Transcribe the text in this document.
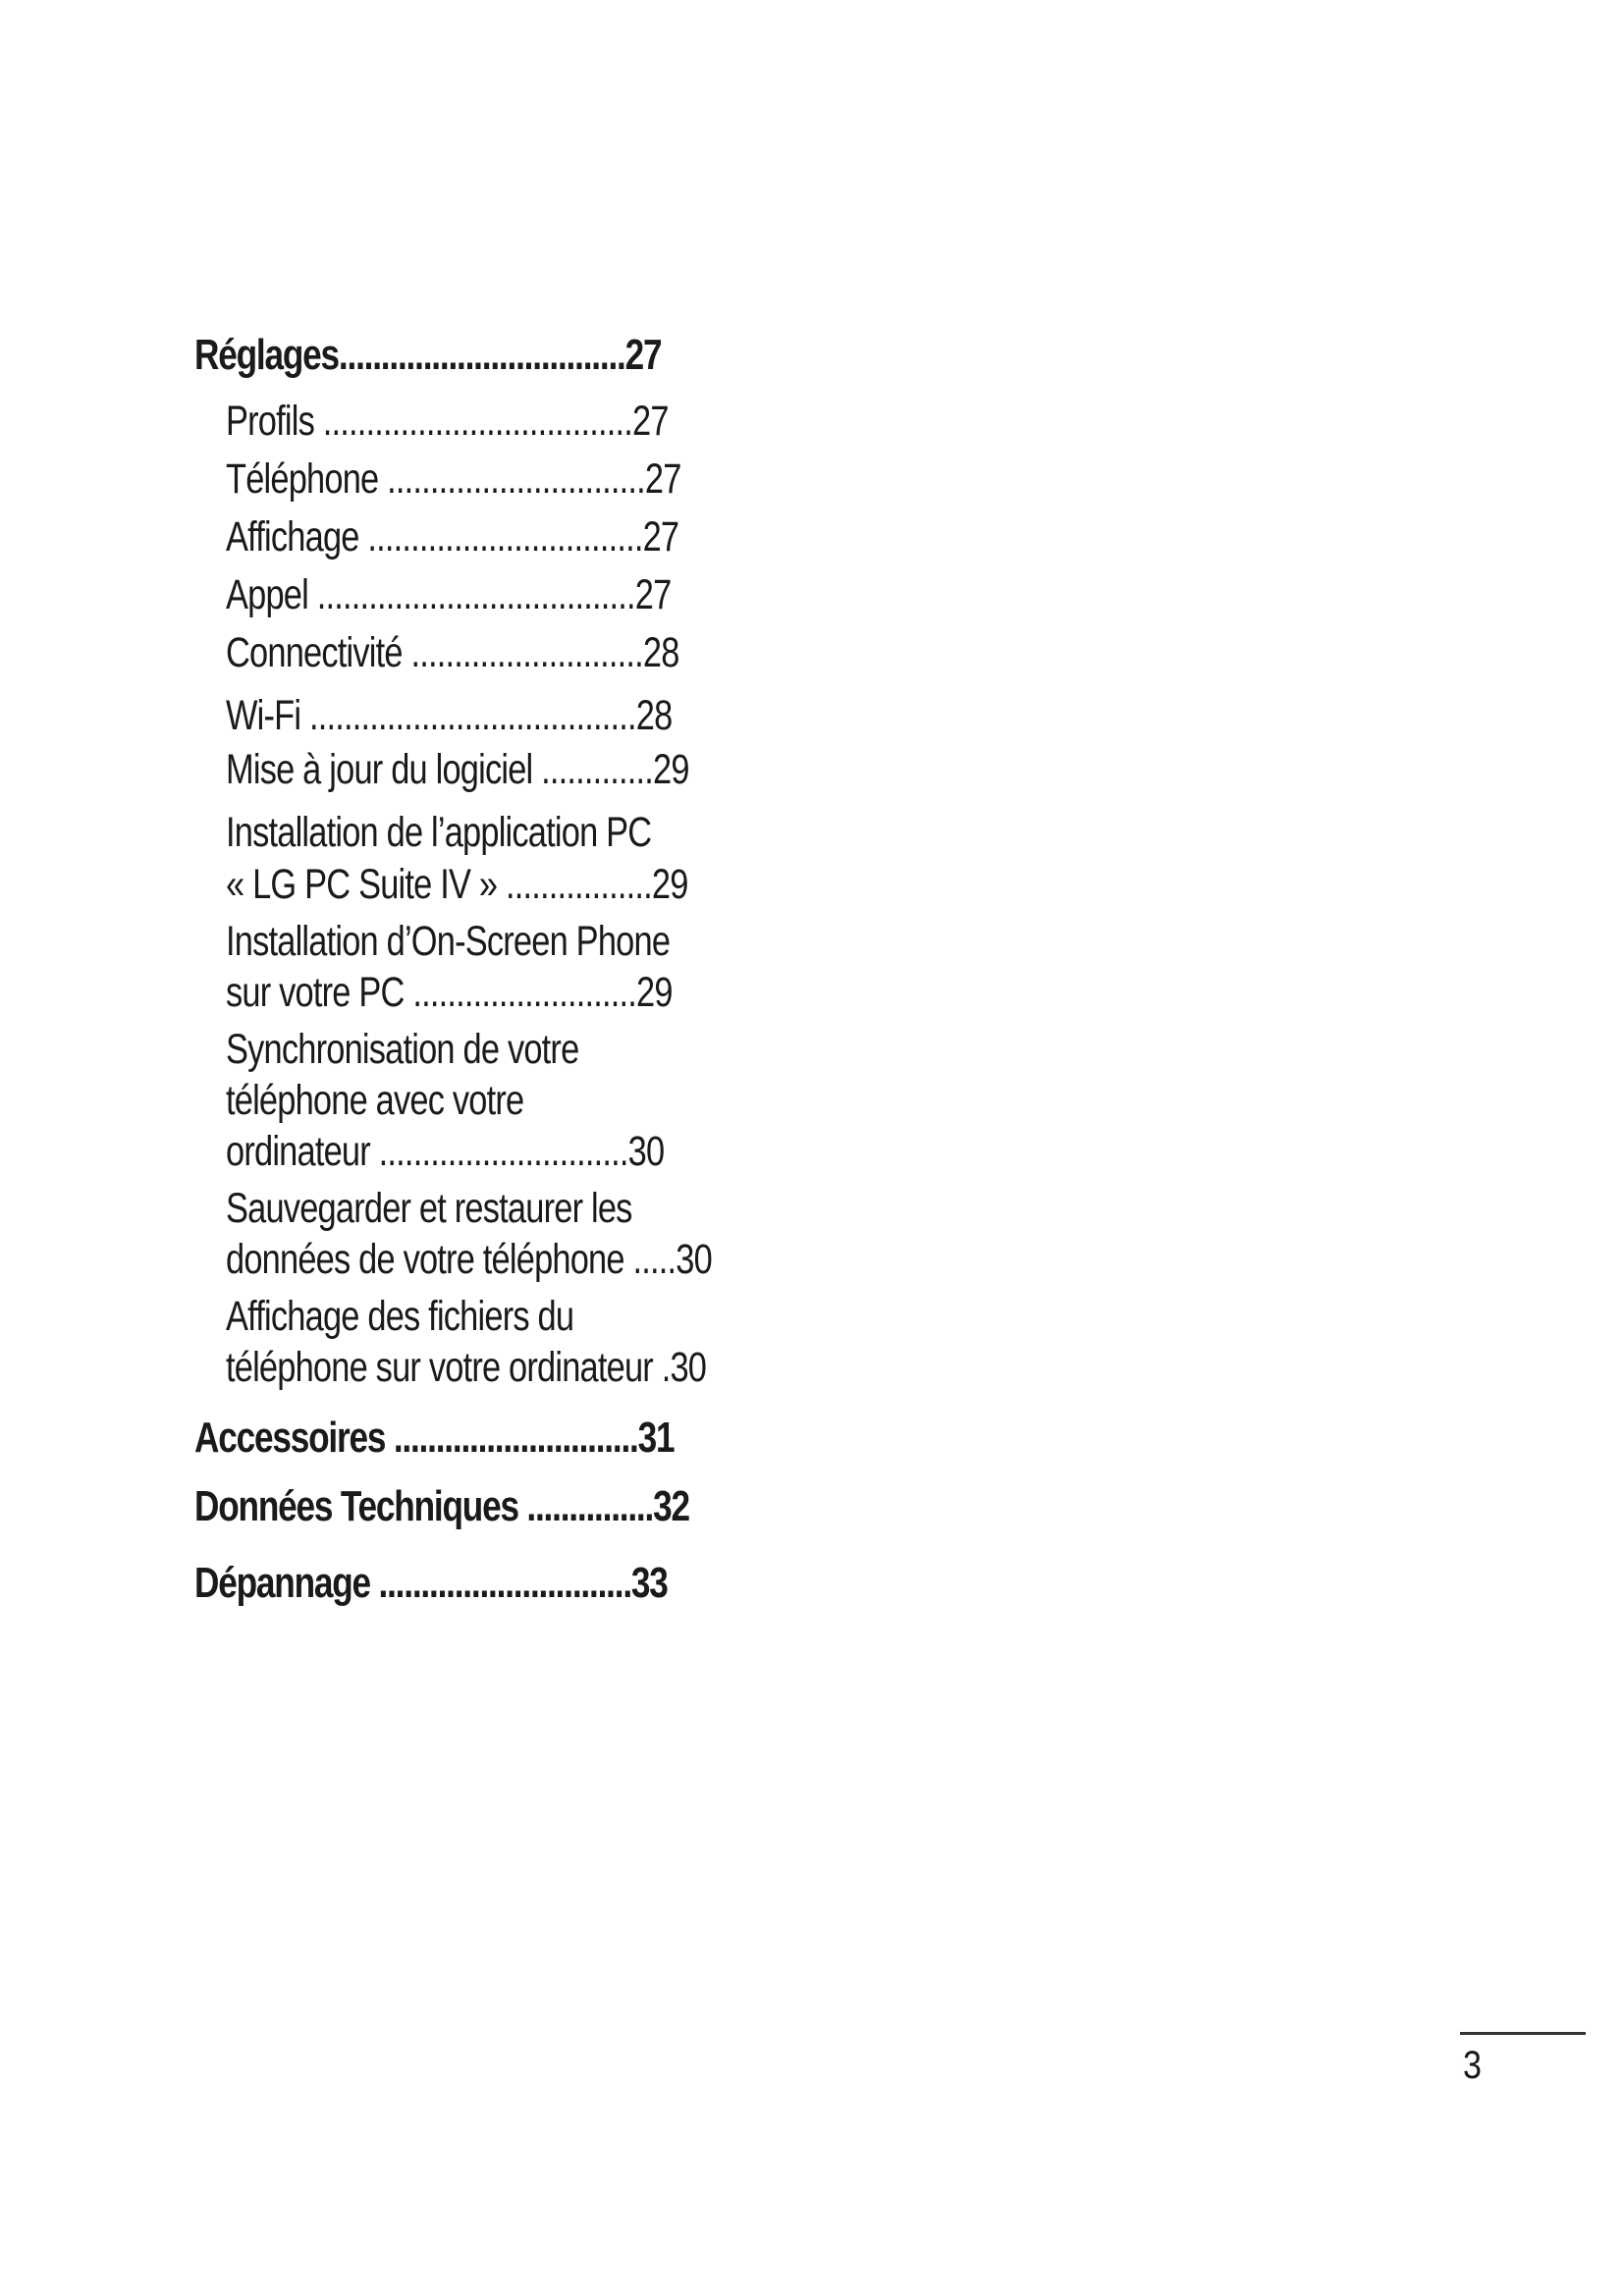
Réglages..................................27
Profils ....................................27
Téléphone ..............................27
Affichage ................................27
Appel .....................................27
Connectivité ...........................28
Wi-Fi ......................................28
Mise à jour du logiciel .............29
Installation de l’application PC
« LG PC Suite IV » .................29
Installation d’On-Screen Phone
sur votre PC ..........................29
Synchronisation de votre
téléphone avec votre
ordinateur .............................30
Sauvegarder et restaurer les
données de votre téléphone .....30
Affichage des fichiers du
téléphone sur votre ordinateur .30
Accessoires .............................31
Données Techniques ...............32
Dépannage ..............................33
3
